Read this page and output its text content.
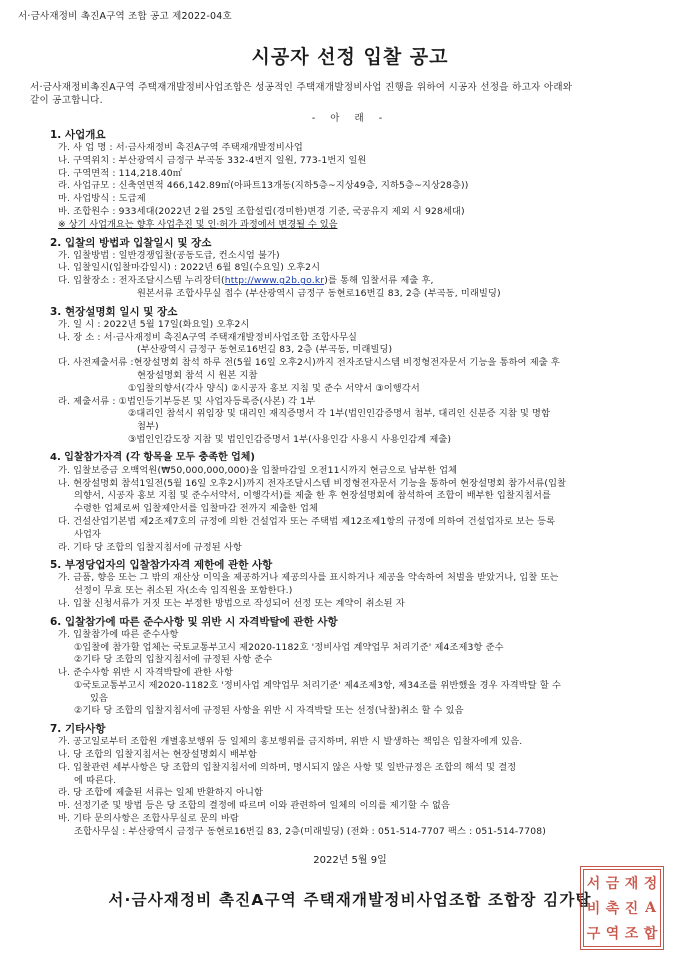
서·금사재정비 촉진A구역 조합 공고 제2022-04호
시공자 선정 입찰 공고
서·금사재정비촉진A구역 주택재개발정비사업조합은 성공적인 주택재개발정비사업 진행을 위하여 시공자 선정을 하고자 아래와
같이 공고합니다.
- 아 래 -
1. 사업개요
가. 사 업 명 : 서·금사재정비 촉진A구역 주택재개발정비사업
나. 구역위치 : 부산광역시 금정구 부곡동 332-4번지 일원, 773-1번지 일원
다. 구역면적 : 114,218.40㎡
라. 사업규모 : 신축연면적 466,142.89㎡(아파트13개동(지하5층~지상49층, 지하5층~지상28층))
마. 사업방식 : 도급제
바. 조합원수 : 933세대(2022년 2월 25일 조합설립(경미한)변경 기준, 국공유지 제외 시 928세대)
※ 상기 사업개요는 향후 사업추진 및 인·허가 과정에서 변경될 수 있음
2. 입찰의 방법과 입찰일시 및 장소
가. 입찰방법 : 일반경쟁입찰(공동도급, 컨소시엄 불가)
나. 입찰일시(입찰마감일시) : 2022년 6월 8일(수요일) 오후2시
다. 입찰장소 : 전자조달시스템 누리장터(http://www.g2b.go.kr)를 통해 입찰서류 제출 후,
원본서류 조합사무실 접수 (부산광역시 금정구 동현로16번길 83, 2층 (부곡동, 미래빌딩)
3. 현장설명회 일시 및 장소
가. 일 시 : 2022년 5월 17일(화요일) 오후2시
나. 장 소 : 서·금사재정비 촉진A구역 주택재개발정비사업조합 조합사무실
(부산광역시 금정구 동현로16번길 83, 2층 (부곡동, 미래빌딩)
다. 사전제출서류 :현장설명회 참석 하루 전(5월 16일 오후2시)까지 전자조달시스템 비정형전자문서 기능을 통하여 제출 후
현장설명회 참석 시 원본 지참
①입찰의향서(각사 양식) ②시공자 홍보 지침 및 준수 서약서 ③이행각서
라. 제출서류 : ①법인등기부등본 및 사업자등록증(사본) 각 1부
②대리인 참석시 위임장 및 대리인 재직증명서 각 1부(법인인감증명서 첨부, 대리인 신분증 지참 및 명함
첨부)
③법인인감도장 지참 및 법인인감증명서 1부(사용인감 사용시 사용인감계 제출)
4. 입찰참가자격 (각 항목을 모두 충족한 업체)
가. 입찰보증금 오백억원(₩50,000,000,000)을 입찰마감일 오전11시까지 현금으로 납부한 업체
나. 현장설명회 참석1일전(5월 16일 오후2시)까지 전자조달시스템 비정형전자문서 기능을 통하여 현장설명회 참가서류(입찰
의향서, 시공자 홍보 지침 및 준수서약서, 이행각서)를 제출 한 후 현장설명회에 참석하여 조합이 배부한 입찰지침서를
수령한 업체로써 입찰제안서를 입찰마감 전까지 제출한 업체
다. 건설산업기본법 제2조제7호의 규정에 의한 건설업자 또는 주택법 제12조제1항의 규정에 의하여 건설업자로 보는 등록
사업자
라. 기타 당 조합의 입찰지침서에 규정된 사항
5. 부정당업자의 입찰참가자격 제한에 관한 사항
가. 금품, 향응 또는 그 밖의 재산상 이익을 제공하거나 제공의사를 표시하거나 제공을 약속하여 처벌을 받았거나, 입찰 또는
선정이 무효 또는 취소된 자(소속 임직원을 포함한다.)
나. 입찰 신청서류가 거짓 또는 부정한 방법으로 작성되어 선정 또는 계약이 취소된 자
6. 입찰참가에 따른 준수사항 및 위반 시 자격박탈에 관한 사항
가. 입찰참가에 따른 준수사항
①입찰에 참가할 업체는 국토교통부고시 제2020-1182호 '정비사업 계약업무 처리기준' 제4조제3항 준수
②기타 당 조합의 입찰지침서에 규정된 사항 준수
나. 준수사항 위반 시 자격박탈에 관한 사항
①국토교통부고시 제2020-1182호 '정비사업 계약업무 처리기준' 제4조제3항, 제34조를 위반했을 경우 자격박탈 할 수
있음
②기타 당 조합의 입찰지침서에 규정된 사항을 위반 시 자격박탈 또는 선정(낙찰)취소 할 수 있음
7. 기타사항
가. 공고일로부터 조합원 개별홍보행위 등 일체의 홍보행위를 금지하며, 위반 시 발생하는 책임은 입찰자에게 있음.
나. 당 조합의 입찰지침서는 현장설명회시 배부함
다. 입찰관련 세부사항은 당 조합의 입찰지침서에 의하며, 명시되지 않은 사항 및 일반규정은 조합의 해석 및 결정
에 따른다.
라. 당 조합에 제출된 서류는 일체 반환하지 아니함
마. 선정기준 및 방법 등은 당 조합의 결정에 따르며 이와 관련하여 일체의 이의를 제기할 수 없음
바. 기타 문의사항은 조합사무실로 문의 바람
조합사무실 : 부산광역시 금정구 동현로16번길 83, 2층(미래빌딩) (전화 : 051-514-7707 팩스 : 051-514-7708)
2022년 5월 9일
서·금사재정비 촉진A구역 주택재개발정비사업조합 조합장 김가탑
서 금 재 정
비 촉 진 A
구 역 조 합
